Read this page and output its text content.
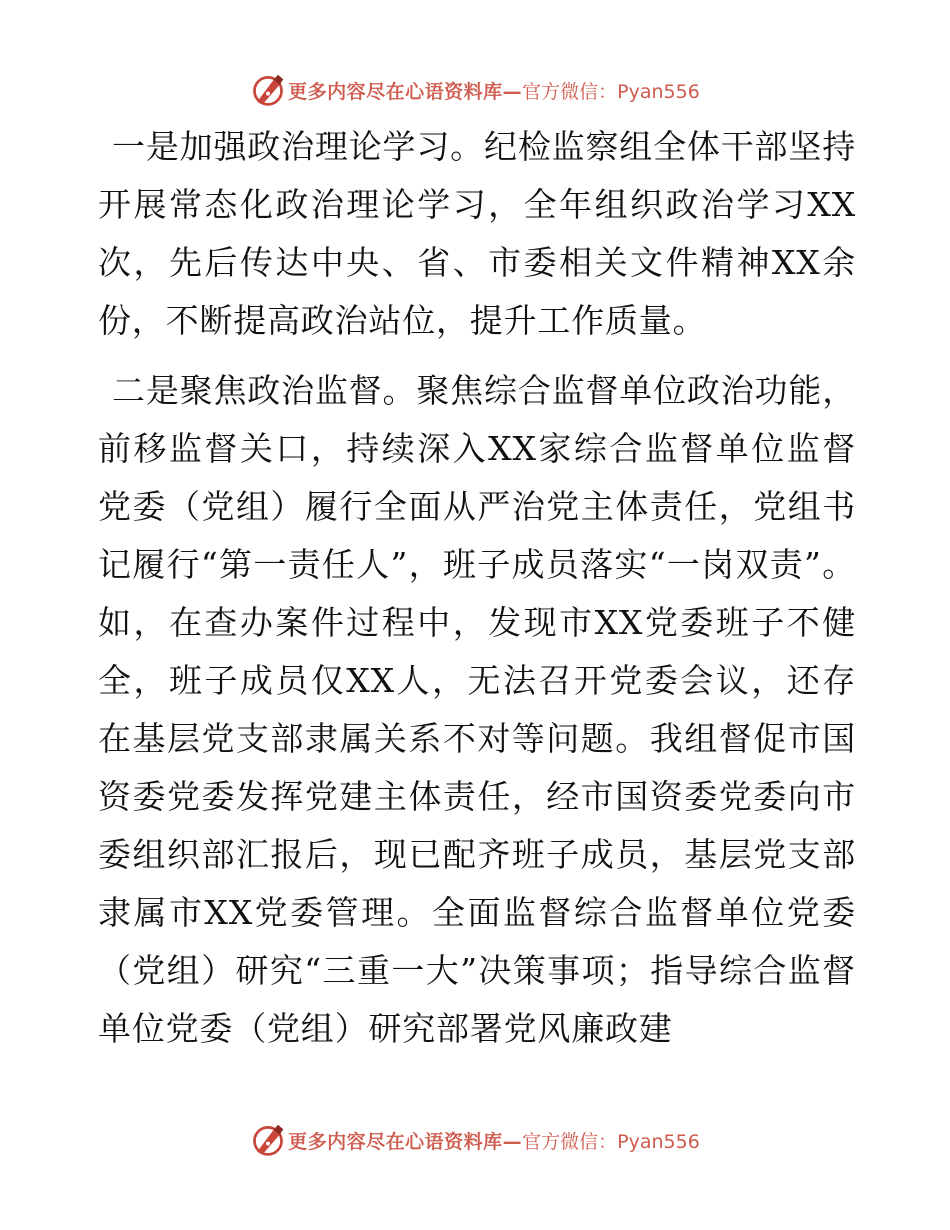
更多内容尽在心语资料库— 官方微信：Pyan556

一是加强政治理论学习。纪检监察组全体干部坚持开展常态化政治理论学习，全年组织政治学习XX次，先后传达中央、省、市委相关文件精神XX余份，不断提高政治站位，提升工作质量。

二是聚焦政治监督。聚焦综合监督单位政治功能，前移监督关口，持续深入XX家综合监督单位监督党委（党组）履行全面从严治党主体责任，党组书记履行“第一责任人”，班子成员落实“一岗双责”。如，在查办案件过程中，发现市XX党委班子不健全，班子成员仅XX人，无法召开党委会议，还存在基层党支部隶属关系不对等问题。我组督促市国资委党委发挥党建主体责任，经市国资委党委向市委组织部汇报后，现已配齐班子成员，基层党支部隶属市XX党委管理。全面监督综合监督单位党委（党组）研究“三重一大”决策事项；指导综合监督单位党委（党组）研究部署党风廉政建

更多内容尽在心语资料库— 官方微信：Pyan556
